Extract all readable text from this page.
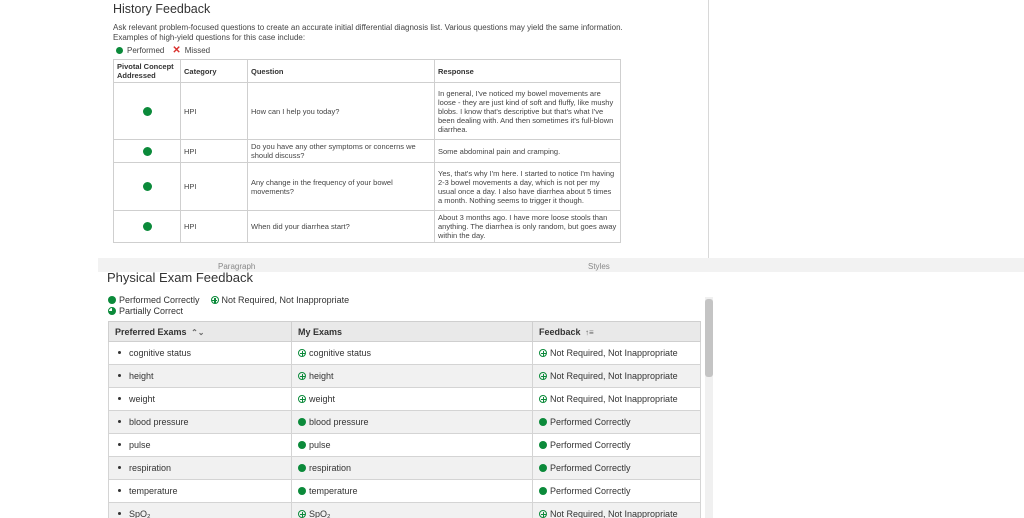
History Feedback
Ask relevant problem-focused questions to create an accurate initial differential diagnosis list. Various questions may yield the same information. Examples of high-yield questions for this case include:
Performed ✕ Missed
Pivotal Concept Addressed	Category	Question	Response

	HPI	How can I help you today?	In general, I've noticed my bowel movements are loose - they are just kind of soft and fluffy, like mushy blobs. I know that's descriptive but that's what I've been dealing with. And then sometimes it's full-blown diarrhea.

	HPI	Do you have any other symptoms or concerns we should discuss?	Some abdominal pain and cramping.

	HPI	Any change in the frequency of your bowel movements?	Yes, that's why I'm here. I started to notice I'm having 2-3 bowel movements a day, which is not per my usual once a day. I also have diarrhea about 5 times a month. Nothing seems to trigger it though.

	HPI	When did your diarrhea start?	About 3 months ago. I have more loose stools than anything. The diarrhea is only random, but goes away within the day.
Paragraph	Styles
Physical Exam Feedback
Performed Correctly Not Required, Not Inappropriate
Partially Correct
Preferred Exams ⌃⌄	My Exams	Feedback ↑≡
cognitive status	cognitive status	Not Required, Not Inappropriate
height	height	Not Required, Not Inappropriate
weight	weight	Not Required, Not Inappropriate
blood pressure	blood pressure	Performed Correctly
pulse	pulse	Performed Correctly
respiration	respiration	Performed Correctly
temperature	temperature	Performed Correctly
SpO₂	SpO₂	Not Required, Not Inappropriate
